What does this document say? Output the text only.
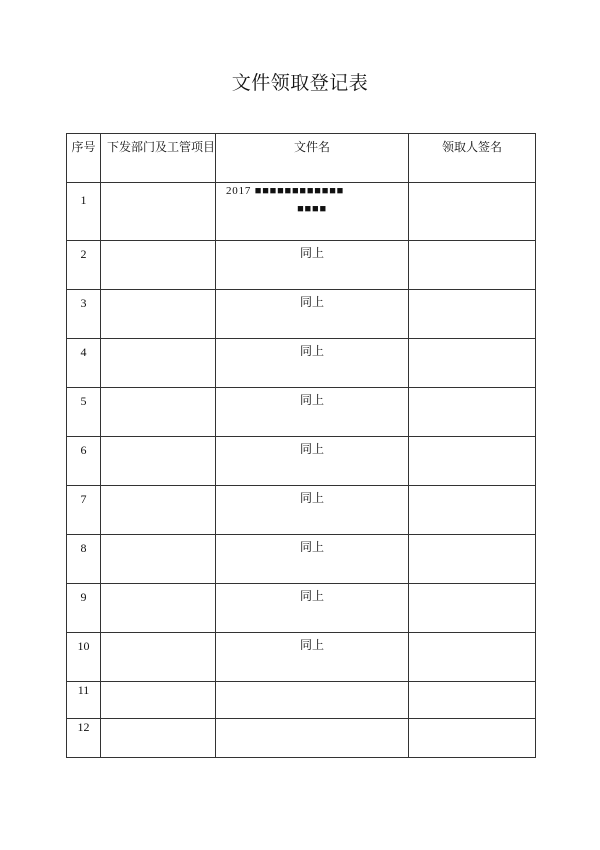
文件领取登记表
序号	下发部门及工管项目	文件名	领取人签名

1		2017 ■■■■■■■■■■■■
■■■■	

2		同上	

3		同上	

4		同上	

5		同上	

6		同上	

7		同上	

8		同上	

9		同上	

10		同上	

11			

12			
